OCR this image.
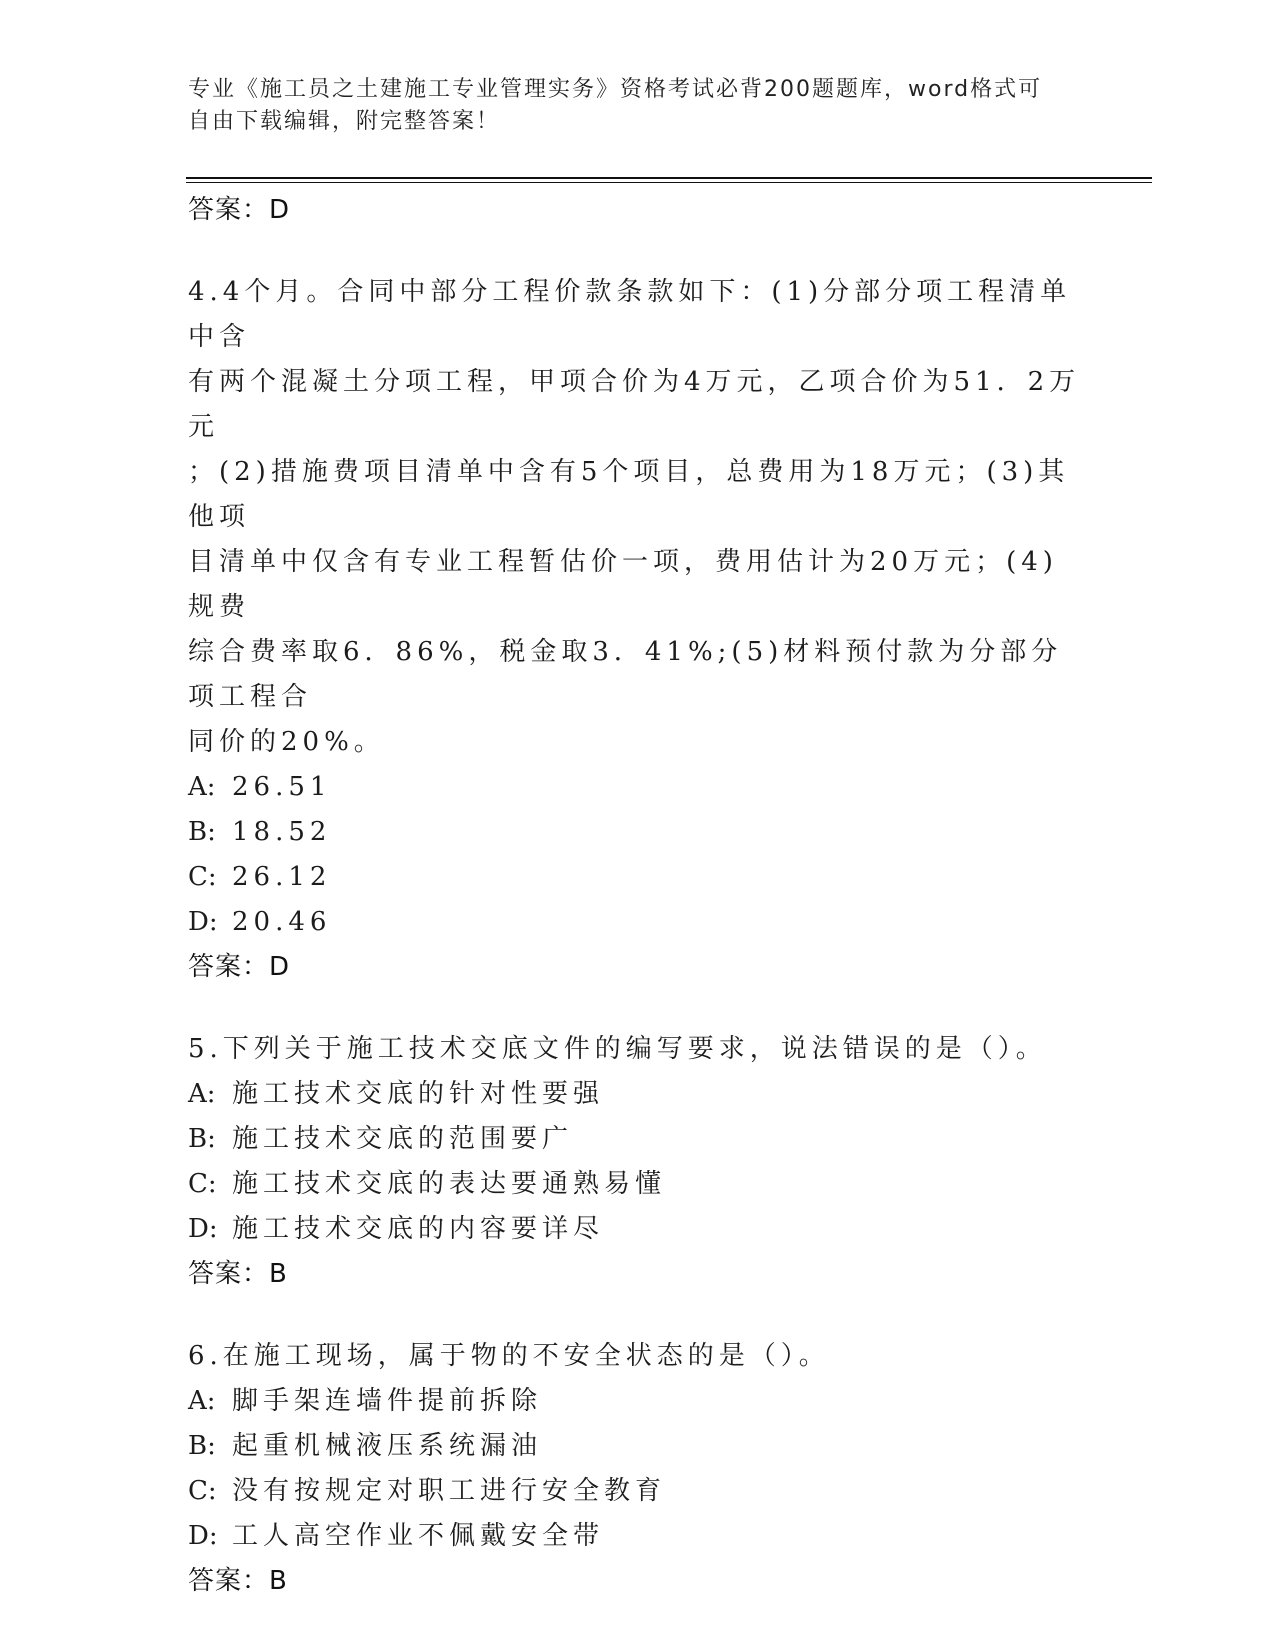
专业《施工员之土建施工专业管理实务》资格考试必背200题题库，word格式可
自由下载编辑，附完整答案！
答案：D
4.4个月。合同中部分工程价款条款如下：(1)分部分项工程清单中含
有两个混凝土分项工程，甲项合价为4万元，乙项合价为51．2万元
；(2)措施费项目清单中含有5个项目，总费用为18万元；(3)其他项
目清单中仅含有专业工程暂估价一项，费用估计为20万元；(4)规费
综合费率取6．86%，税金取3．41%;(5)材料预付款为分部分项工程合
同价的20%。
A: 26.51
B: 18.52
C: 26.12
D: 20.46
答案：D
5.下列关于施工技术交底文件的编写要求，说法错误的是（）。
A: 施工技术交底的针对性要强
B: 施工技术交底的范围要广
C: 施工技术交底的表达要通熟易懂
D: 施工技术交底的内容要详尽
答案：B
6.在施工现场，属于物的不安全状态的是（）。
A: 脚手架连墙件提前拆除
B: 起重机械液压系统漏油
C: 没有按规定对职工进行安全教育
D: 工人高空作业不佩戴安全带
答案：B
